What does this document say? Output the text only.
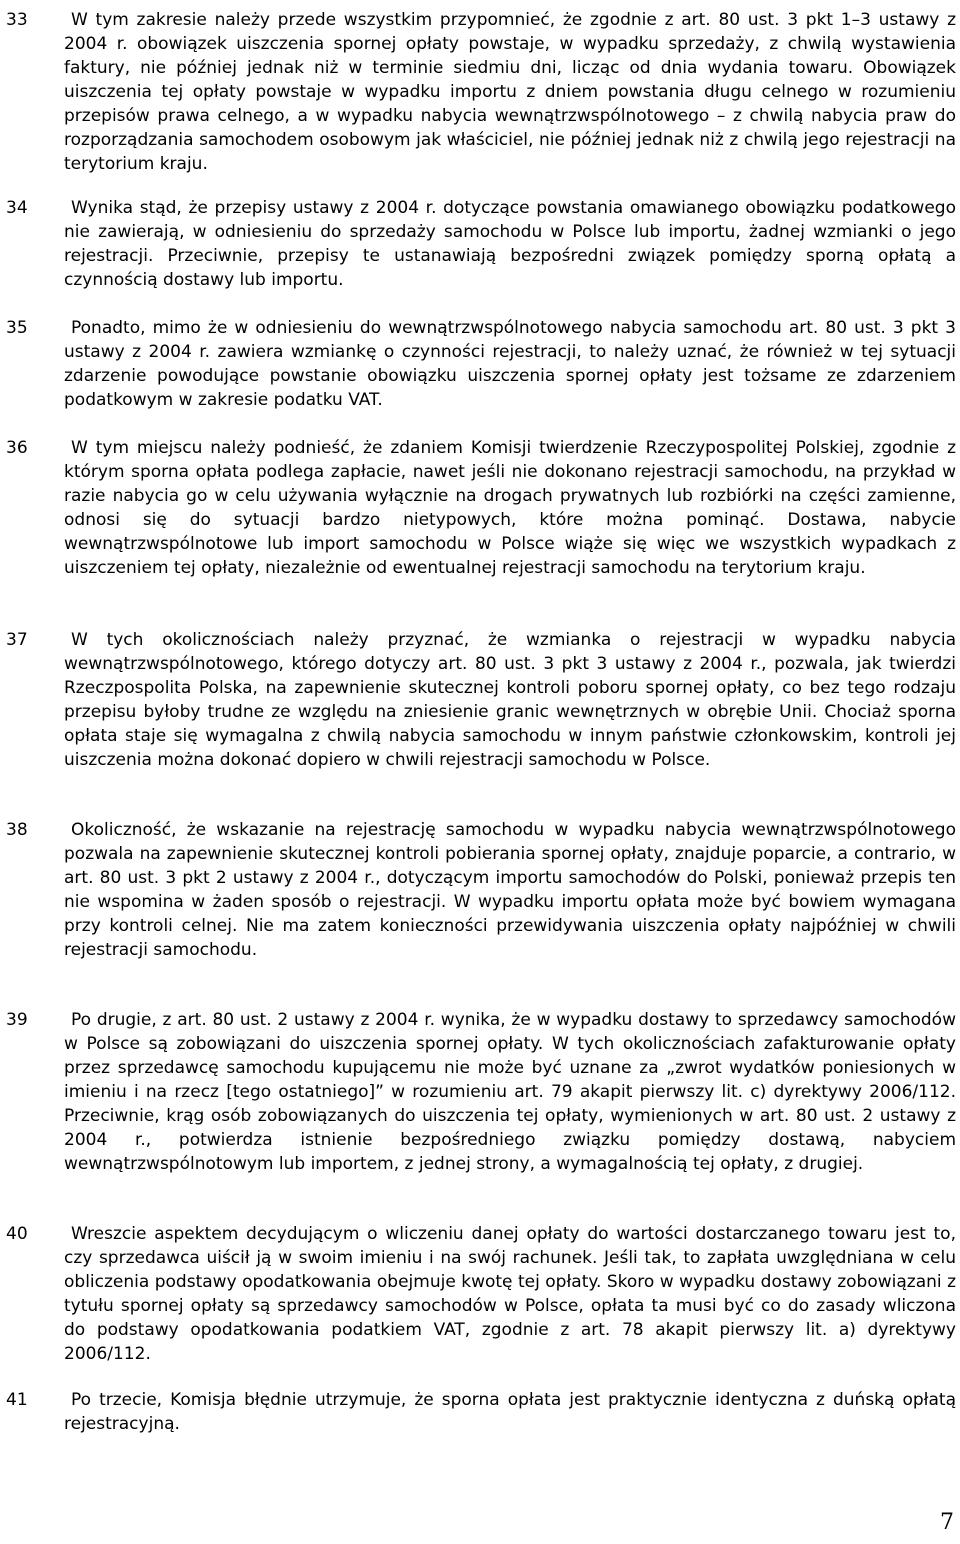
33	W tym zakresie należy przede wszystkim przypomnieć, że zgodnie z art. 80 ust. 3 pkt 1–3 ustawy z 2004 r. obowiązek uiszczenia spornej opłaty powstaje, w wypadku sprzedaży, z chwilą wystawienia faktury, nie później jednak niż w terminie siedmiu dni, licząc od dnia wydania towaru. Obowiązek uiszczenia tej opłaty powstaje w wypadku importu z dniem powstania długu celnego w rozumieniu przepisów prawa celnego, a w wypadku nabycia wewnątrzwspólnotowego – z chwilą nabycia praw do rozporządzania samochodem osobowym jak właściciel, nie później jednak niż z chwilą jego rejestracji na terytorium kraju.
34	Wynika stąd, że przepisy ustawy z 2004 r. dotyczące powstania omawianego obowiązku podatkowego nie zawierają, w odniesieniu do sprzedaży samochodu w Polsce lub importu, żadnej wzmianki o jego rejestracji. Przeciwnie, przepisy te ustanawiają bezpośredni związek pomiędzy sporną opłatą a czynnością dostawy lub importu.
35	Ponadto, mimo że w odniesieniu do wewnątrzwspólnotowego nabycia samochodu art. 80 ust. 3 pkt 3 ustawy z 2004 r. zawiera wzmiankę o czynności rejestracji, to należy uznać, że również w tej sytuacji zdarzenie powodujące powstanie obowiązku uiszczenia spornej opłaty jest tożsame ze zdarzeniem podatkowym w zakresie podatku VAT.
36	W tym miejscu należy podnieść, że zdaniem Komisji twierdzenie Rzeczypospolitej Polskiej, zgodnie z którym sporna opłata podlega zapłacie, nawet jeśli nie dokonano rejestracji samochodu, na przykład w razie nabycia go w celu używania wyłącznie na drogach prywatnych lub rozbiórki na części zamienne, odnosi się do sytuacji bardzo nietypowych, które można pominąć. Dostawa, nabycie wewnątrzwspólnotowe lub import samochodu w Polsce wiąże się więc we wszystkich wypadkach z uiszczeniem tej opłaty, niezależnie od ewentualnej rejestracji samochodu na terytorium kraju.
37	W tych okolicznościach należy przyznać, że wzmianka o rejestracji w wypadku nabycia wewnątrzwspólnotowego, którego dotyczy art. 80 ust. 3 pkt 3 ustawy z 2004 r., pozwala, jak twierdzi Rzeczpospolita Polska, na zapewnienie skutecznej kontroli poboru spornej opłaty, co bez tego rodzaju przepisu byłoby trudne ze względu na zniesienie granic wewnętrznych w obrębie Unii. Chociaż sporna opłata staje się wymagalna z chwilą nabycia samochodu w innym państwie członkowskim, kontroli jej uiszczenia można dokonać dopiero w chwili rejestracji samochodu w Polsce.
38	Okoliczność, że wskazanie na rejestrację samochodu w wypadku nabycia wewnątrzwspólnotowego pozwala na zapewnienie skutecznej kontroli pobierania spornej opłaty, znajduje poparcie, a contrario, w art. 80 ust. 3 pkt 2 ustawy z 2004 r., dotyczącym importu samochodów do Polski, ponieważ przepis ten nie wspomina w żaden sposób o rejestracji. W wypadku importu opłata może być bowiem wymagana przy kontroli celnej. Nie ma zatem konieczności przewidywania uiszczenia opłaty najpóźniej w chwili rejestracji samochodu.
39	Po drugie, z art. 80 ust. 2 ustawy z 2004 r. wynika, że w wypadku dostawy to sprzedawcy samochodów w Polsce są zobowiązani do uiszczenia spornej opłaty. W tych okolicznościach zafakturowanie opłaty przez sprzedawcę samochodu kupującemu nie może być uznane za „zwrot wydatków poniesionych w imieniu i na rzecz [tego ostatniego]” w rozumieniu art. 79 akapit pierwszy lit. c) dyrektywy 2006/112. Przeciwnie, krąg osób zobowiązanych do uiszczenia tej opłaty, wymienionych w art. 80 ust. 2 ustawy z 2004 r., potwierdza istnienie bezpośredniego związku pomiędzy dostawą, nabyciem wewnątrzwspólnotowym lub importem, z jednej strony, a wymagalnością tej opłaty, z drugiej.
40	Wreszcie aspektem decydującym o wliczeniu danej opłaty do wartości dostarczanego towaru jest to, czy sprzedawca uiścił ją w swoim imieniu i na swój rachunek. Jeśli tak, to zapłata uwzględniana w celu obliczenia podstawy opodatkowania obejmuje kwotę tej opłaty. Skoro w wypadku dostawy zobowiązani z tytułu spornej opłaty są sprzedawcy samochodów w Polsce, opłata ta musi być co do zasady wliczona do podstawy opodatkowania podatkiem VAT, zgodnie z art. 78 akapit pierwszy lit. a) dyrektywy 2006/112.
41	Po trzecie, Komisja błędnie utrzymuje, że sporna opłata jest praktycznie identyczna z duńską opłatą rejestracyjną.
7
